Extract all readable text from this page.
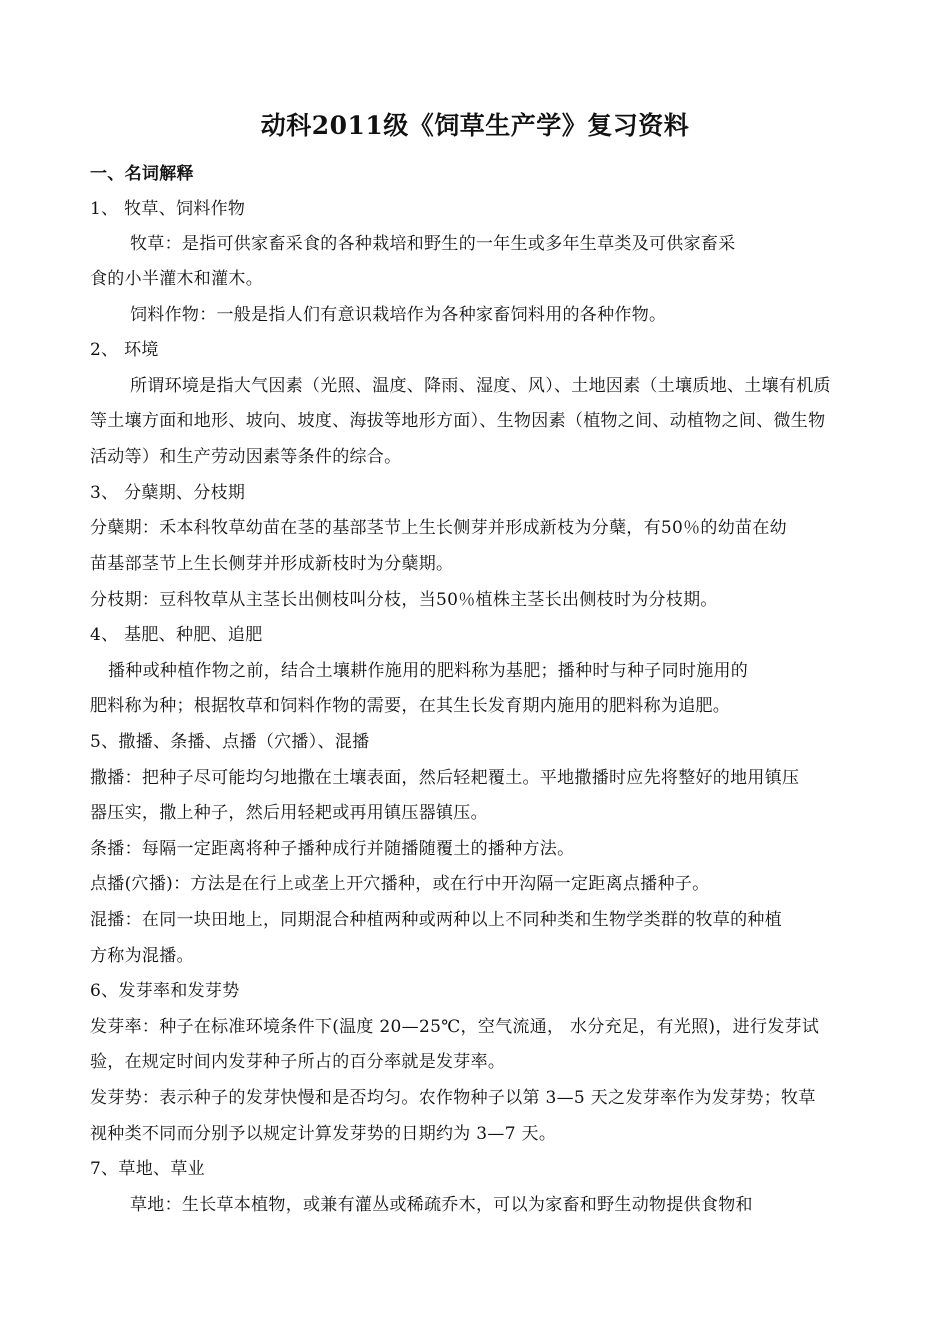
动科2011级《饲草生产学》复习资料
一、名词解释
1、 牧草、饲料作物
牧草：是指可供家畜采食的各种栽培和野生的一年生或多年生草类及可供家畜采
食的小半灌木和灌木。
饲料作物：一般是指人们有意识栽培作为各种家畜饲料用的各种作物。
2、 环境
所谓环境是指大气因素（光照、温度、降雨、湿度、风）、土地因素（土壤质地、土壤有机质
等土壤方面和地形、坡向、坡度、海拔等地形方面）、生物因素（植物之间、动植物之间、微生物
活动等）和生产劳动因素等条件的综合。
3、 分蘖期、分枝期
分蘖期：禾本科牧草幼苗在茎的基部茎节上生长侧芽并形成新枝为分蘖，有50％的幼苗在幼
苗基部茎节上生长侧芽并形成新枝时为分蘖期。
分枝期：豆科牧草从主茎长出侧枝叫分枝，当50％植株主茎长出侧枝时为分枝期。
4、 基肥、种肥、追肥
播种或种植作物之前，结合土壤耕作施用的肥料称为基肥；播种时与种子同时施用的
肥料称为种；根据牧草和饲料作物的需要，在其生长发育期内施用的肥料称为追肥。
5、撒播、条播、点播（穴播）、混播
撒播：把种子尽可能均匀地撒在土壤表面，然后轻耙覆土。平地撒播时应先将整好的地用镇压
器压实，撒上种子，然后用轻耙或再用镇压器镇压。
条播：每隔一定距离将种子播种成行并随播随覆土的播种方法。
点播(穴播)：方法是在行上或垄上开穴播种，或在行中开沟隔一定距离点播种子。
混播：在同一块田地上，同期混合种植两种或两种以上不同种类和生物学类群的牧草的种植
方称为混播。
6、发芽率和发芽势
发芽率：种子在标准环境条件下(温度 20—25℃，空气流通， 水分充足，有光照)，进行发芽试
验，在规定时间内发芽种子所占的百分率就是发芽率。
发芽势：表示种子的发芽快慢和是否均匀。农作物种子以第 3—5 天之发芽率作为发芽势；牧草
视种类不同而分别予以规定计算发芽势的日期约为 3—7 天。
7、草地、草业
草地：生长草本植物，或兼有灌丛或稀疏乔木，可以为家畜和野生动物提供食物和
